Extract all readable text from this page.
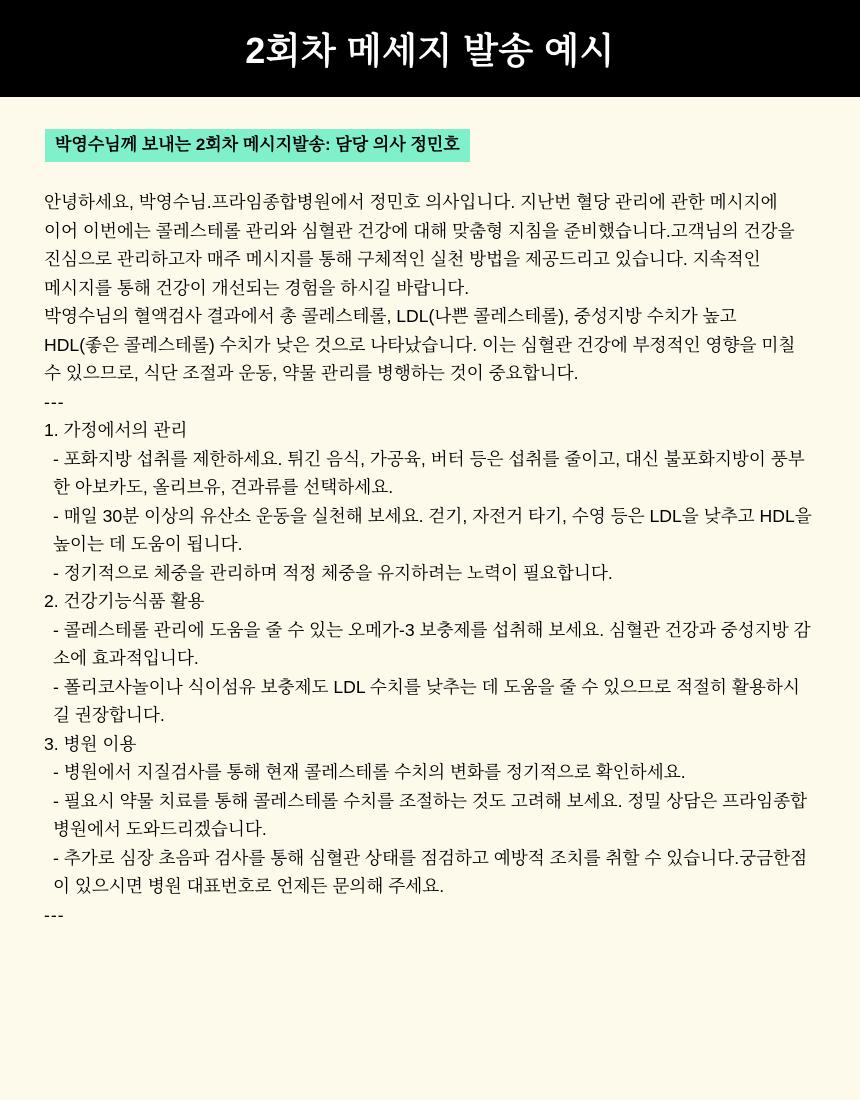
2회차 메세지 발송 예시
박영수님께 보내는 2회차 메시지발송: 담당 의사 정민호

안녕하세요, 박영수님.프라임종합병원에서 정민호 의사입니다. 지난번 혈당 관리에 관한 메시지에 이어 이번에는 콜레스테롤 관리와 심혈관 건강에 대해 맞춤형 지침을 준비했습니다.고객님의 건강을 진심으로 관리하고자 매주 메시지를 통해 구체적인 실천 방법을 제공드리고 있습니다. 지속적인 메시지를 통해 건강이 개선되는 경험을 하시길 바랍니다.

박영수님의 혈액검사 결과에서 총 콜레스테롤, LDL(나쁜 콜레스테롤), 중성지방 수치가 높고 HDL(좋은 콜레스테롤) 수치가 낮은 것으로 나타났습니다. 이는 심혈관 건강에 부정적인 영향을 미칠 수 있으므로, 식단 조절과 운동, 약물 관리를 병행하는 것이 중요합니다.

---
1. 가정에서의 관리
- 포화지방 섭취를 제한하세요. 튀긴 음식, 가공육, 버터 등은 섭취를 줄이고, 대신 불포화지방이 풍부한 아보카도, 올리브유, 견과류를 선택하세요.
- 매일 30분 이상의 유산소 운동을 실천해 보세요. 걷기, 자전거 타기, 수영 등은 LDL을 낮추고 HDL을 높이는 데 도움이 됩니다.
- 정기적으로 체중을 관리하며 적정 체중을 유지하려는 노력이 필요합니다.
2. 건강기능식품 활용
- 콜레스테롤 관리에 도움을 줄 수 있는 오메가-3 보충제를 섭취해 보세요. 심혈관 건강과 중성지방 감소에 효과적입니다.
- 폴리코사놀이나 식이섬유 보충제도 LDL 수치를 낮추는 데 도움을 줄 수 있으므로 적절히 활용하시길 권장합니다.
3. 병원 이용
- 병원에서 지질검사를 통해 현재 콜레스테롤 수치의 변화를 정기적으로 확인하세요.
- 필요시 약물 치료를 통해 콜레스테롤 수치를 조절하는 것도 고려해 보세요. 정밀 상담은 프라임종합병원에서 도와드리겠습니다.
- 추가로 심장 초음파 검사를 통해 심혈관 상태를 점검하고 예방적 조치를 취할 수 있습니다.궁금한점이 있으시면 병원 대표번호로 언제든 문의해 주세요.
---
